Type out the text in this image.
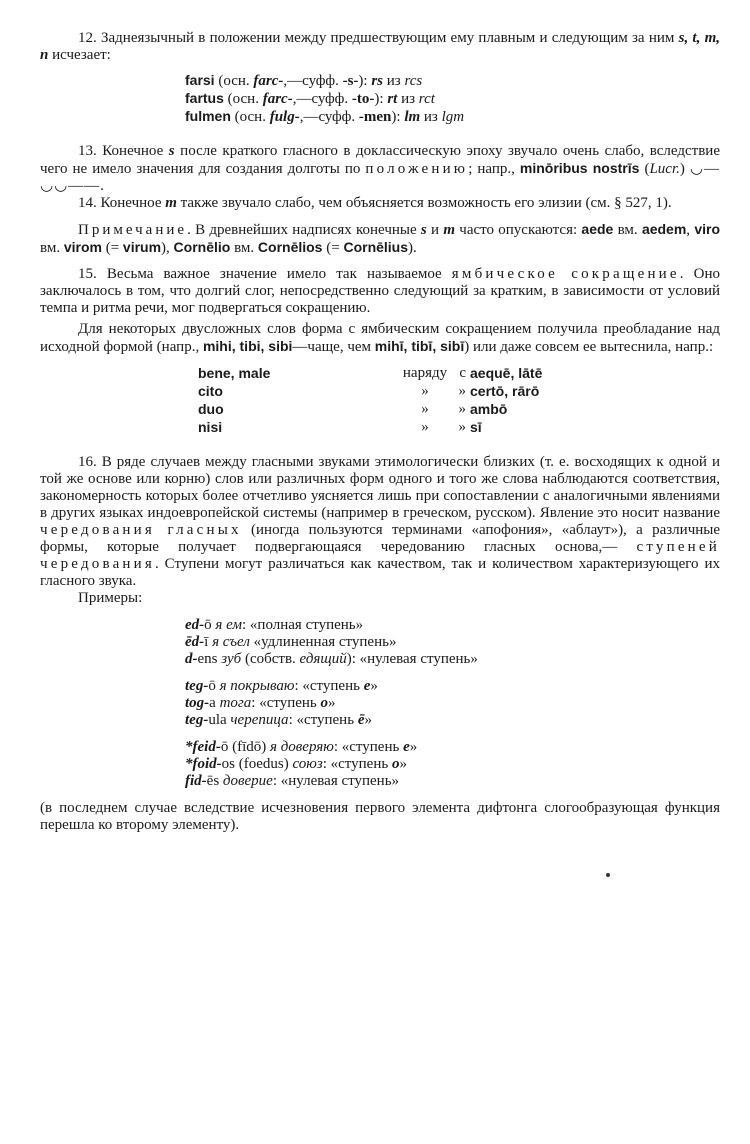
12. Заднеязычный в положении между предшествующим ему плавным и следующим за ним s, t, m, n исчезает:

farsi (осн. farc-,—суфф. -s-): rs из rcs
fartus (осн. farc-,—суфф. -to-): rt из rct
fulmen (осн. fulg-,—суфф. -men): lm из lgm

13. Конечное s после краткого гласного в доклассическую эпоху звучало очень слабо, вследствие чего не имело значения для создания долготы по положению; напр., minōribus nostrīs (Lucr.) ◡—◡◡——.

14. Конечное m также звучало слабо, чем объясняется возможность его элизии (см. § 527, 1).

Примечание. В древнейших надписях конечные s и m часто опускаются: aede вм. aedem, viro вм. virom (= virum), Cornēlio вм. Cornēlios (= Cornēlius).

15. Весьма важное значение имело так называемое ямбическое сокращение. Оно заключалось в том, что долгий слог, непосредственно следующий за кратким, в зависимости от условий темпа и ритма речи, мог подвергаться сокращению.

Для некоторых двусложных слов форма с ямбическим сокращением получила преобладание над исходной формой (напр., mihi, tibi, sibi—чаще, чем mihī, tibī, sibī) или даже совсем ее вытеснила, напр.:

bene, male	наряду	с	aequē, lātē
cito	»	»	certō, rārō
duo	»	»	ambō
nisi	»	»	sī

16. В ряде случаев между гласными звуками этимологически близких (т. е. восходящих к одной и той же основе или корню) слов или различных форм одного и того же слова наблюдаются соответствия, закономерность которых более отчетливо уясняется лишь при сопоставлении с аналогичными явлениями в других языках индоевропейской системы (например в греческом, русском). Явление это носит название чередования гласных (иногда пользуются терминами «апофония», «аблаут»), а различные формы, которые получает подвергающаяся чередованию гласных основа,— ступеней чередования. Ступени могут различаться как качеством, так и количеством характеризующего их гласного звука.

Примеры:

ed-ō я ем: «полная ступень»
ēd-ī я съел «удлиненная ступень»
d-ens зуб (собств. едящий): «нулевая ступень»
teg-ō я покрываю: «ступень e»
tog-a тога: «ступень o»
teg-ula черепица: «ступень ē»
*feid-ō (fīdō) я доверяю: «ступень e»
*foid-os (foedus) союз: «ступень o»
fid-ēs доверие: «нулевая ступень»

(в последнем случае вследствие исчезновения первого элемента дифтонга слогообразующая функция перешла ко второму элементу).
